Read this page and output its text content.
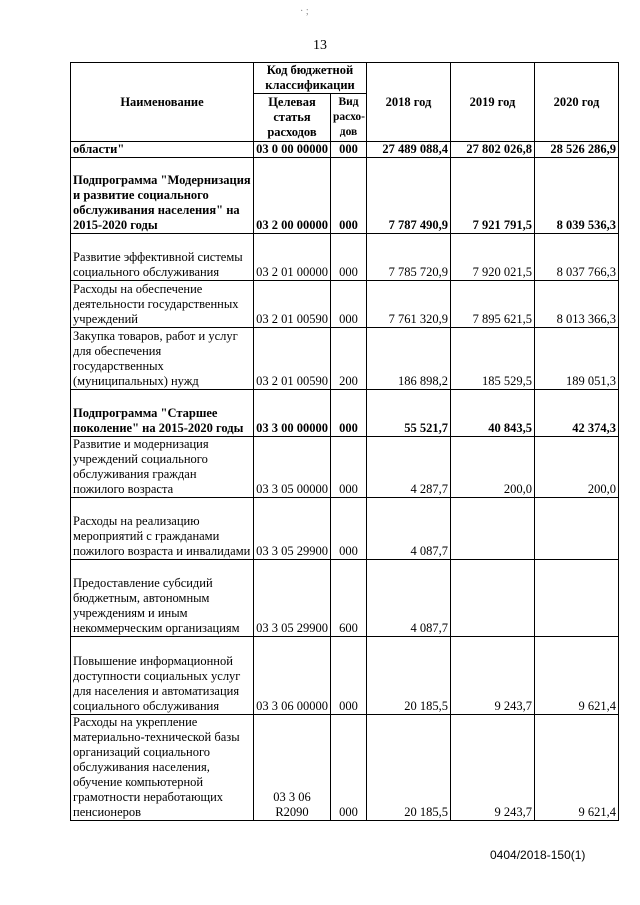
· ;
13
Наименование	Код бюджетной классификации		2018 год	2019 год	2020 год
	Целевая статья расходов	Вид расхо-дов			
области"	03 0 00 00000	000	27 489 088,4	27 802 026,8	28 526 286,9
Подпрограмма "Модернизация и развитие социального обслуживания населения" на 2015-2020 годы	03 2 00 00000	000	7 787 490,9	7 921 791,5	8 039 536,3
Развитие эффективной системы социального обслуживания	03 2 01 00000	000	7 785 720,9	7 920 021,5	8 037 766,3
Расходы на обеспечение деятельности государственных учреждений	03 2 01 00590	000	7 761 320,9	7 895 621,5	8 013 366,3
Закупка товаров, работ и услуг для обеспечения государственных (муниципальных) нужд	03 2 01 00590	200	186 898,2	185 529,5	189 051,3
Подпрограмма "Старшее поколение" на 2015-2020 годы	03 3 00 00000	000	55 521,7	40 843,5	42 374,3
Развитие и модернизация учреждений социального обслуживания граждан пожилого возраста	03 3 05 00000	000	4 287,7	200,0	200,0
Расходы на реализацию мероприятий с гражданами пожилого возраста и инвалидами	03 3 05 29900	000	4 087,7		
Предоставление субсидий бюджетным, автономным учреждениям и иным некоммерческим организациям	03 3 05 29900	600	4 087,7		
Повышение информационной доступности социальных услуг для населения и автоматизация социального обслуживания	03 3 06 00000	000	20 185,5	9 243,7	9 621,4
Расходы на укрепление материально-технической базы организаций социального обслуживания населения, обучение компьютерной грамотности неработающих пенсионеров	03 3 06 R2090	000	20 185,5	9 243,7	9 621,4
0404/2018-150(1)
